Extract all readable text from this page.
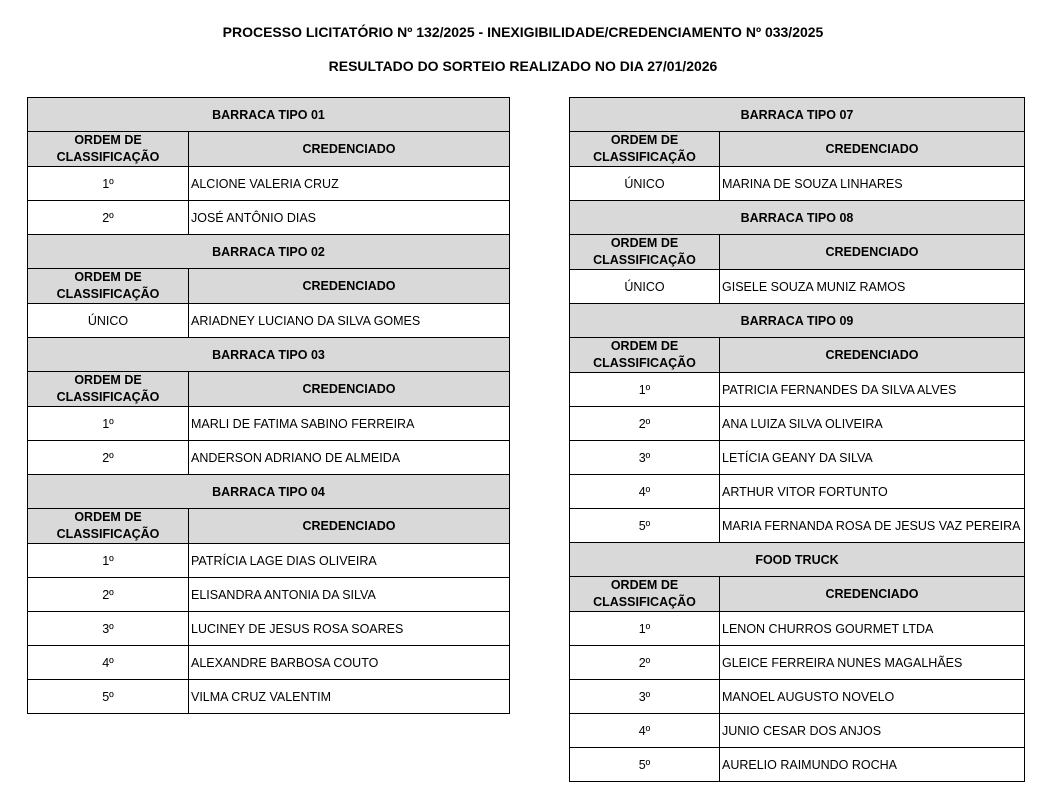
PROCESSO LICITATÓRIO Nº 132/2025 - INEXIGIBILIDADE/CREDENCIAMENTO Nº 033/2025
RESULTADO DO SORTEIO REALIZADO NO DIA 27/01/2026
BARRACA TIPO 01	
ORDEM DE
CLASSIFICAÇÃO	CREDENCIADO
1º	ALCIONE VALERIA CRUZ
2º	JOSÉ ANTÔNIO DIAS
BARRACA TIPO 02	
ORDEM DE
CLASSIFICAÇÃO	CREDENCIADO
ÚNICO	ARIADNEY LUCIANO DA SILVA GOMES
BARRACA TIPO 03	
ORDEM DE
CLASSIFICAÇÃO	CREDENCIADO
1º	MARLI DE FATIMA SABINO FERREIRA
2º	ANDERSON ADRIANO DE ALMEIDA
BARRACA TIPO 04	
ORDEM DE
CLASSIFICAÇÃO	CREDENCIADO
1º	PATRÍCIA LAGE DIAS OLIVEIRA
2º	ELISANDRA ANTONIA DA SILVA
3º	LUCINEY DE JESUS ROSA SOARES
4º	ALEXANDRE BARBOSA COUTO
5º	VILMA CRUZ VALENTIM
BARRACA TIPO 07	
ORDEM DE
CLASSIFICAÇÃO	CREDENCIADO
ÚNICO	MARINA DE SOUZA LINHARES
BARRACA TIPO 08	
ORDEM DE
CLASSIFICAÇÃO	CREDENCIADO
ÚNICO	GISELE SOUZA MUNIZ RAMOS
BARRACA TIPO 09	
ORDEM DE
CLASSIFICAÇÃO	CREDENCIADO
1º	PATRICIA FERNANDES DA SILVA ALVES
2º	ANA LUIZA SILVA OLIVEIRA
3º	LETÍCIA GEANY DA SILVA
4º	ARTHUR VITOR FORTUNTO
5º	MARIA FERNANDA ROSA DE JESUS VAZ PEREIRA
FOOD TRUCK	
ORDEM DE
CLASSIFICAÇÃO	CREDENCIADO
1º	LENON CHURROS GOURMET LTDA
2º	GLEICE FERREIRA NUNES MAGALHÃES
3º	MANOEL AUGUSTO NOVELO
4º	JUNIO CESAR DOS ANJOS
5º	AURELIO RAIMUNDO ROCHA
